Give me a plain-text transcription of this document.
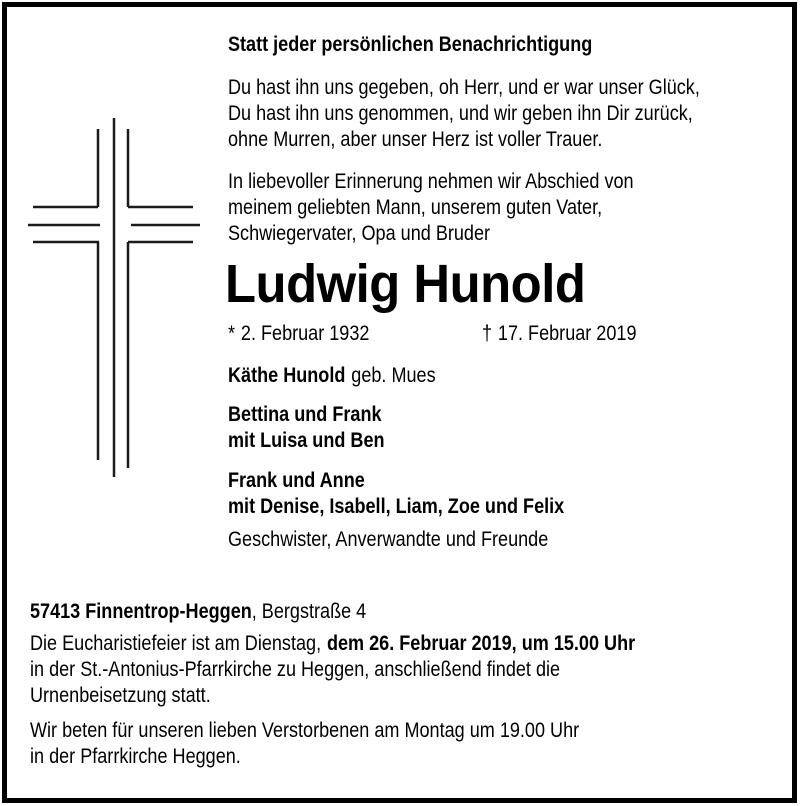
Statt jeder persönlichen Benachrichtigung
Du hast ihn uns gegeben, oh Herr, und er war unser Glück,
Du hast ihn uns genommen, und wir geben ihn Dir zurück,
ohne Murren, aber unser Herz ist voller Trauer.
In liebevoller Erinnerung nehmen wir Abschied von
meinem geliebten Mann, unserem guten Vater,
Schwiegervater, Opa und Bruder
Ludwig Hunold
* 2. Februar 1932	† 17. Februar 2019
Käthe Hunold geb. Mues
Bettina und Frank
mit Luisa und Ben
Frank und Anne
mit Denise, Isabell, Liam, Zoe und Felix
Geschwister, Anverwandte und Freunde
57413 Finnentrop-Heggen, Bergstraße 4
Die Eucharistiefeier ist am Dienstag, dem 26. Februar 2019, um 15.00 Uhr
in der St.-Antonius-Pfarrkirche zu Heggen, anschließend findet die
Urnenbeisetzung statt.
Wir beten für unseren lieben Verstorbenen am Montag um 19.00 Uhr
in der Pfarrkirche Heggen.
